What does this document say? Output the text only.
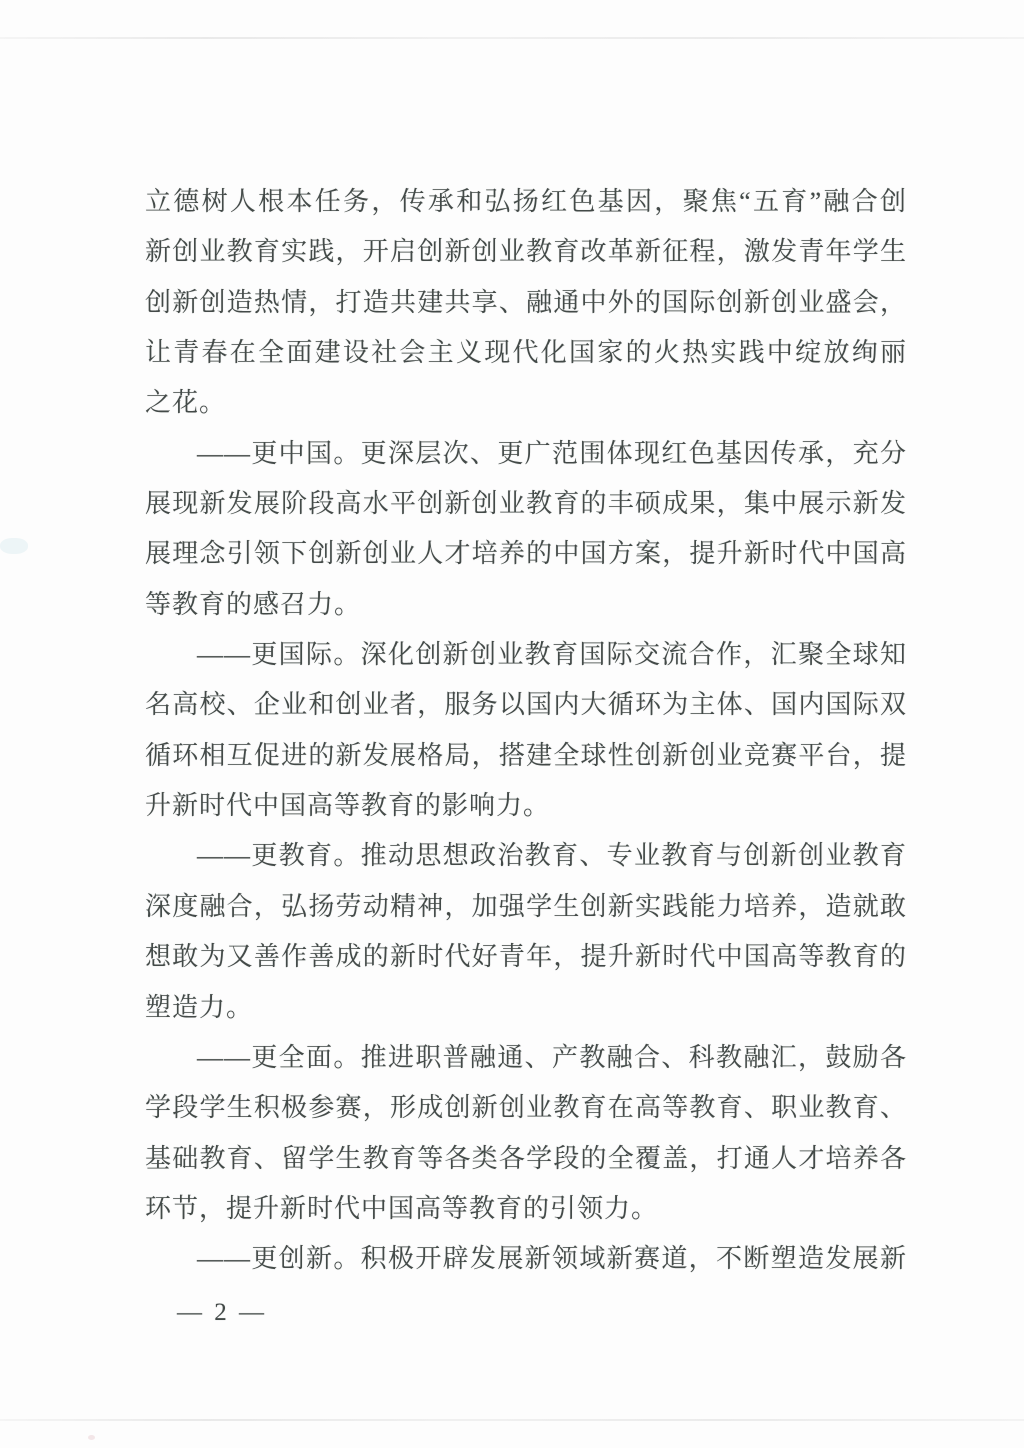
立德树人根本任务，传承和弘扬红色基因，聚焦“五育”融合创
新创业教育实践，开启创新创业教育改革新征程，激发青年学生
创新创造热情，打造共建共享、融通中外的国际创新创业盛会，
让青春在全面建设社会主义现代化国家的火热实践中绽放绚丽
之花。
——更中国。更深层次、更广范围体现红色基因传承，充分
展现新发展阶段高水平创新创业教育的丰硕成果，集中展示新发
展理念引领下创新创业人才培养的中国方案，提升新时代中国高
等教育的感召力。
——更国际。深化创新创业教育国际交流合作，汇聚全球知
名高校、企业和创业者，服务以国内大循环为主体、国内国际双
循环相互促进的新发展格局，搭建全球性创新创业竞赛平台，提
升新时代中国高等教育的影响力。
——更教育。推动思想政治教育、专业教育与创新创业教育
深度融合，弘扬劳动精神，加强学生创新实践能力培养，造就敢
想敢为又善作善成的新时代好青年，提升新时代中国高等教育的
塑造力。
——更全面。推进职普融通、产教融合、科教融汇，鼓励各
学段学生积极参赛，形成创新创业教育在高等教育、职业教育、
基础教育、留学生教育等各类各学段的全覆盖，打通人才培养各
环节，提升新时代中国高等教育的引领力。
——更创新。积极开辟发展新领域新赛道，不断塑造发展新
— 2 —
